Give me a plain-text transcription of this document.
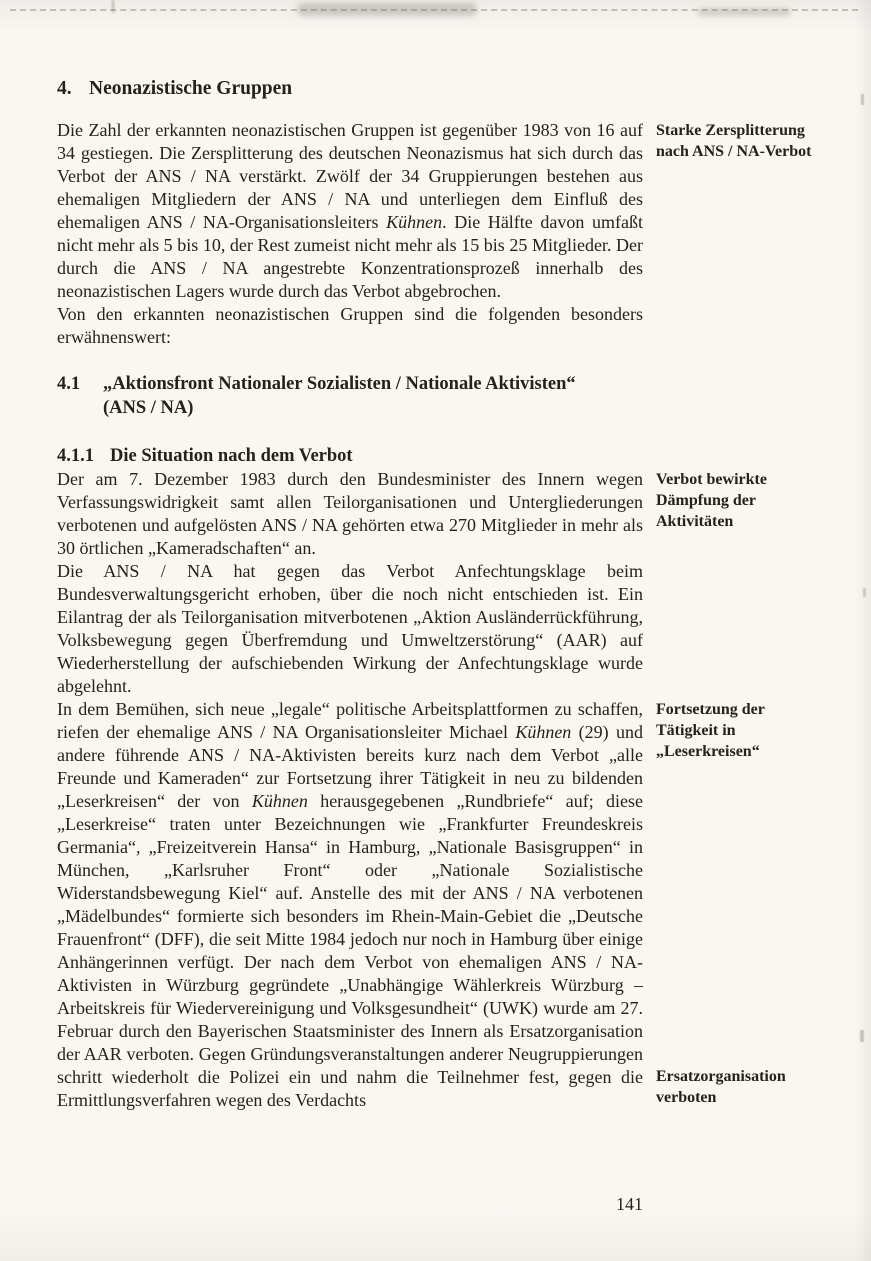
4. Neonazistische Gruppen

Die Zahl der erkannten neonazistischen Gruppen ist gegenüber 1983 von 16 auf 34 gestiegen. Die Zersplitterung des deutschen Neonazismus hat sich durch das Verbot der ANS / NA verstärkt. Zwölf der 34 Gruppierungen bestehen aus ehemaligen Mitgliedern der ANS / NA und unterliegen dem Einfluß des ehemaligen ANS / NA-Organisationsleiters Kühnen. Die Hälfte davon umfaßt nicht mehr als 5 bis 10, der Rest zumeist nicht mehr als 15 bis 25 Mitglieder. Der durch die ANS / NA angestrebte Konzentrationsprozeß innerhalb des neonazistischen Lagers wurde durch das Verbot abgebrochen.

Starke Zersplitterung nach ANS / NA-Verbot

Von den erkannten neonazistischen Gruppen sind die folgenden besonders erwähnenswert:

4.1	„Aktionsfront Nationaler Sozialisten / Nationale Aktivisten“
(ANS / NA)
4.1.1 Die Situation nach dem Verbot

Der am 7. Dezember 1983 durch den Bundesminister des Innern wegen Verfassungswidrigkeit samt allen Teilorganisationen und Untergliederungen verbotenen und aufgelösten ANS / NA gehörten etwa 270 Mitglieder in mehr als 30 örtlichen „Kameradschaften“ an.

Verbot bewirkte Dämpfung der Aktivitäten

Die ANS / NA hat gegen das Verbot Anfechtungsklage beim Bundesverwaltungsgericht erhoben, über die noch nicht entschieden ist. Ein Eilantrag der als Teilorganisation mitverbotenen „Aktion Ausländerrückführung, Volksbewegung gegen Überfremdung und Umweltzerstörung“ (AAR) auf Wiederherstellung der aufschiebenden Wirkung der Anfechtungsklage wurde abgelehnt.

In dem Bemühen, sich neue „legale“ politische Arbeitsplattformen zu schaffen, riefen der ehemalige ANS / NA Organisationsleiter Michael Kühnen (29) und andere führende ANS / NA-Aktivisten bereits kurz nach dem Verbot „alle Freunde und Kameraden“ zur Fortsetzung ihrer Tätigkeit in neu zu bildenden „Leserkreisen“ der von Kühnen herausgegebenen „Rundbriefe“ auf; diese „Leserkreise“ traten unter Bezeichnungen wie „Frankfurter Freundeskreis Germania“, „Freizeitverein Hansa“ in Hamburg, „Nationale Basisgruppen“ in München, „Karlsruher Front“ oder „Nationale Sozialistische Widerstandsbewegung Kiel“ auf. Anstelle des mit der ANS / NA verbotenen „Mädelbundes“ formierte sich besonders im Rhein-Main-Gebiet die „Deutsche Frauenfront“ (DFF), die seit Mitte 1984 jedoch nur noch in Hamburg über einige Anhängerinnen verfügt. Der nach dem Verbot von ehemaligen ANS / NA-Aktivisten in Würzburg gegründete „Unabhängige Wählerkreis Würzburg – Arbeitskreis für Wiedervereinigung und Volksgesundheit“ (UWK) wurde am 27. Februar durch den Bayerischen Staatsminister des Innern als Ersatzorganisation der AAR verboten. Gegen Gründungsveranstaltungen anderer Neugruppierungen schritt wiederholt die Polizei ein und nahm die Teilnehmer fest, gegen die Ermittlungsverfahren wegen des Verdachts

Fortsetzung der Tätigkeit in „Leserkreisen“
Ersatzorganisation verboten
141
